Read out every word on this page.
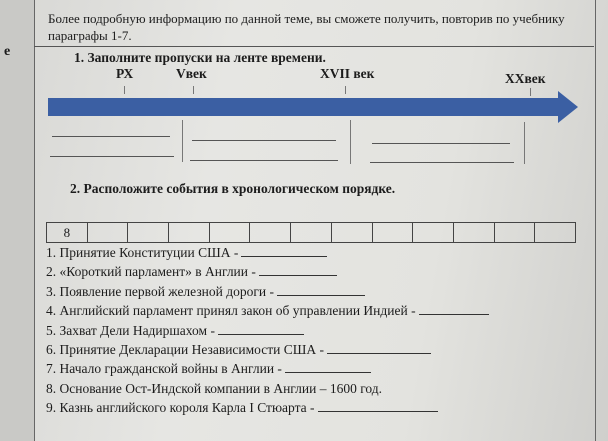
е
Более подробную информацию по данной теме, вы сможете получить, повторив по учебнику параграфы 1-7.
1. Заполните пропуски на ленте времени.
РХ	Vвек	XVII век	XXвек
2. Расположите события в хронологическом порядке.
8
1. Принятие Конституции США -
2. «Короткий парламент» в Англии -
3. Появление первой железной дороги -
4. Английский парламент принял закон об управлении Индией -
5. Захват Дели Надиршахом -
6. Принятие Декларации Независимости США -
7. Начало гражданской войны в Англии -
8. Основание Ост-Индской компании в Англии – 1600 год.
9. Казнь английского короля Карла I Стюарта -
